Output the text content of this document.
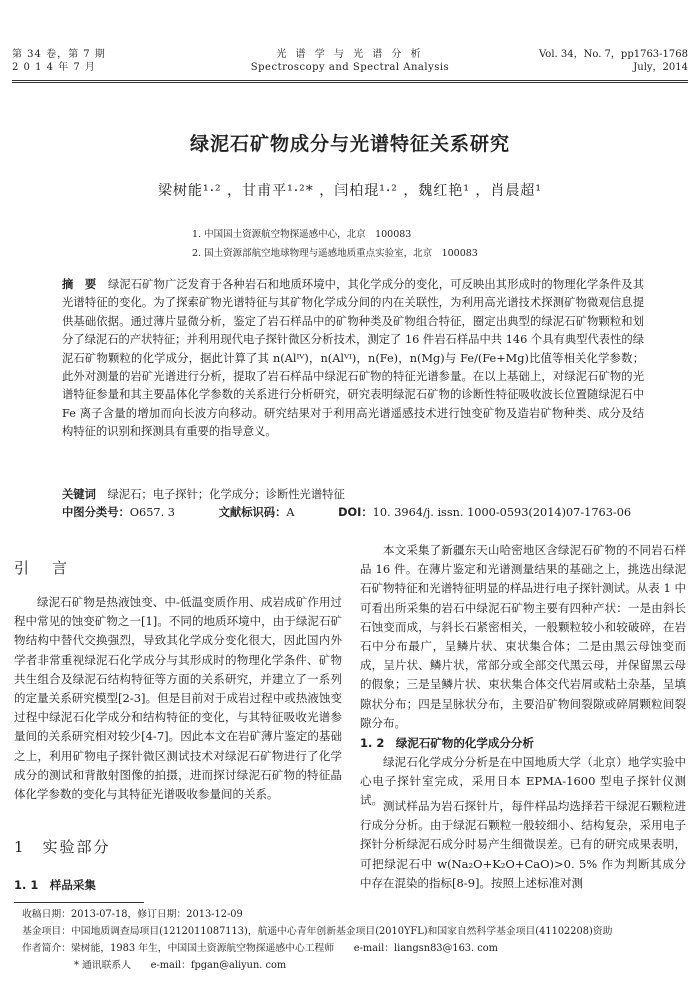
第 34 卷，第 7 期
2 0 1 4 年 7 月
光 谱 学 与 光 谱 分 析
Spectroscopy and Spectral Analysis
Vol. 34，No. 7，pp1763-1768
July，2014
绿泥石矿物成分与光谱特征关系研究
梁树能¹·² ，甘甫平¹·²* ，闫柏琨¹·² ，魏红艳¹ ，肖晨超¹
1. 中国国土资源航空物探遥感中心，北京　100083
2. 国土资源部航空地球物理与遥感地质重点实验室，北京　100083
摘　要 绿泥石矿物广泛发育于各种岩石和地质环境中，其化学成分的变化，可反映出其形成时的物理化学条件及其光谱特征的变化。为了探索矿物光谱特征与其矿物化学成分间的内在关联性，为利用高光谱技术探测矿物微观信息提供基础依据。通过薄片显微分析，鉴定了岩石样品中的矿物种类及矿物组合特征，圈定出典型的绿泥石矿物颗粒和划分了绿泥石的产状特征；并利用现代电子探针微区分析技术，测定了 16 件岩石样品中共 146 个具有典型代表性的绿泥石矿物颗粒的化学成分，据此计算了其 n(Alᴵⱽ)，n(Alⱽᴵ)，n(Fe)，n(Mg)与 Fe/(Fe+Mg)比值等相关化学参数；此外对测量的岩矿光谱进行分析，提取了岩石样品中绿泥石矿物的特征光谱参量。在以上基础上，对绿泥石矿物的光谱特征参量和其主要晶体化学参数的关系进行分析研究，研究表明绿泥石矿物的诊断性特征吸收波长位置随绿泥石中 Fe 离子含量的增加而向长波方向移动。研究结果对于利用高光谱遥感技术进行蚀变矿物及造岩矿物种类、成分及结构特征的识别和探测具有重要的指导意义。
关键词 绿泥石；电子探针；化学成分；诊断性光谱特征
中图分类号：O657. 3	文献标识码：A	DOI：10. 3964/j. issn. 1000-0593(2014)07-1763-06
引　言
绿泥石矿物是热液蚀变、中-低温变质作用、成岩成矿作用过程中常见的蚀变矿物之一[1]。不同的地质环境中，由于绿泥石矿物结构中替代交换强烈，导致其化学成分变化很大，因此国内外学者非常重视绿泥石化学成分与其形成时的物理化学条件、矿物共生组合及绿泥石结构特征等方面的关系研究，并建立了一系列的定量关系研究模型[2-3]。但是目前对于成岩过程中或热液蚀变过程中绿泥石化学成分和结构特征的变化，与其特征吸收光谱参量间的关系研究相对较少[4-7]。因此本文在岩矿薄片鉴定的基础之上，利用矿物电子探针微区测试技术对绿泥石矿物进行了化学成分的测试和背散射图像的拍摄，进而探讨绿泥石矿物的特征晶体化学参数的变化与其特征光谱吸收参量间的关系。
1　实验部分
1. 1　样品采集
本文采集了新疆东天山哈密地区含绿泥石矿物的不同岩石样品 16 件。在薄片鉴定和光谱测量结果的基础之上，挑选出绿泥石矿物特征和光谱特征明显的样品进行电子探针测试。从表 1 中可看出所采集的岩石中绿泥石矿物主要有四种产状：一是由斜长石蚀变而成，与斜长石紧密相关，一般颗粒较小和较破碎，在岩石中分布最广，呈鳞片状、束状集合体；二是由黑云母蚀变而成，呈片状、鳞片状，常部分或全部交代黑云母，并保留黑云母的假象；三是呈鳞片状、束状集合体交代岩屑或粘土杂基，呈填隙状分布；四是呈脉状分布，主要沿矿物间裂隙或碎屑颗粒间裂隙分布。
1. 2　绿泥石矿物的化学成分分析
绿泥石化学成分分析是在中国地质大学（北京）地学实验中心电子探针室完成，采用日本 EPMA-1600 型电子探针仪测试。 测试样品为岩石探针片，每件样品均选择若干绿泥石颗粒进行成分分析。由于绿泥石颗粒一般较细小、结构复杂，采用电子探针分析绿泥石成分时易产生细微误差。已有的研究成果表明，可把绿泥石中 w(Na₂O+K₂O+CaO)>0. 5% 作为判断其成分中存在混染的指标[8-9]。按照上述标准对测
收稿日期：2013-07-18，修订日期：2013-12-09
基金项目：中国地质调查局项目(1212011087113)，航遥中心青年创新基金项目(2010YFL)和国家自然科学基金项目(41102208)资助
作者简介：梁树能，1983 年生，中国国土资源航空物探遥感中心工程师　　e-mail：liangsn83@163. com
* 通讯联系人　　e-mail：fpgan@aliyun. com
